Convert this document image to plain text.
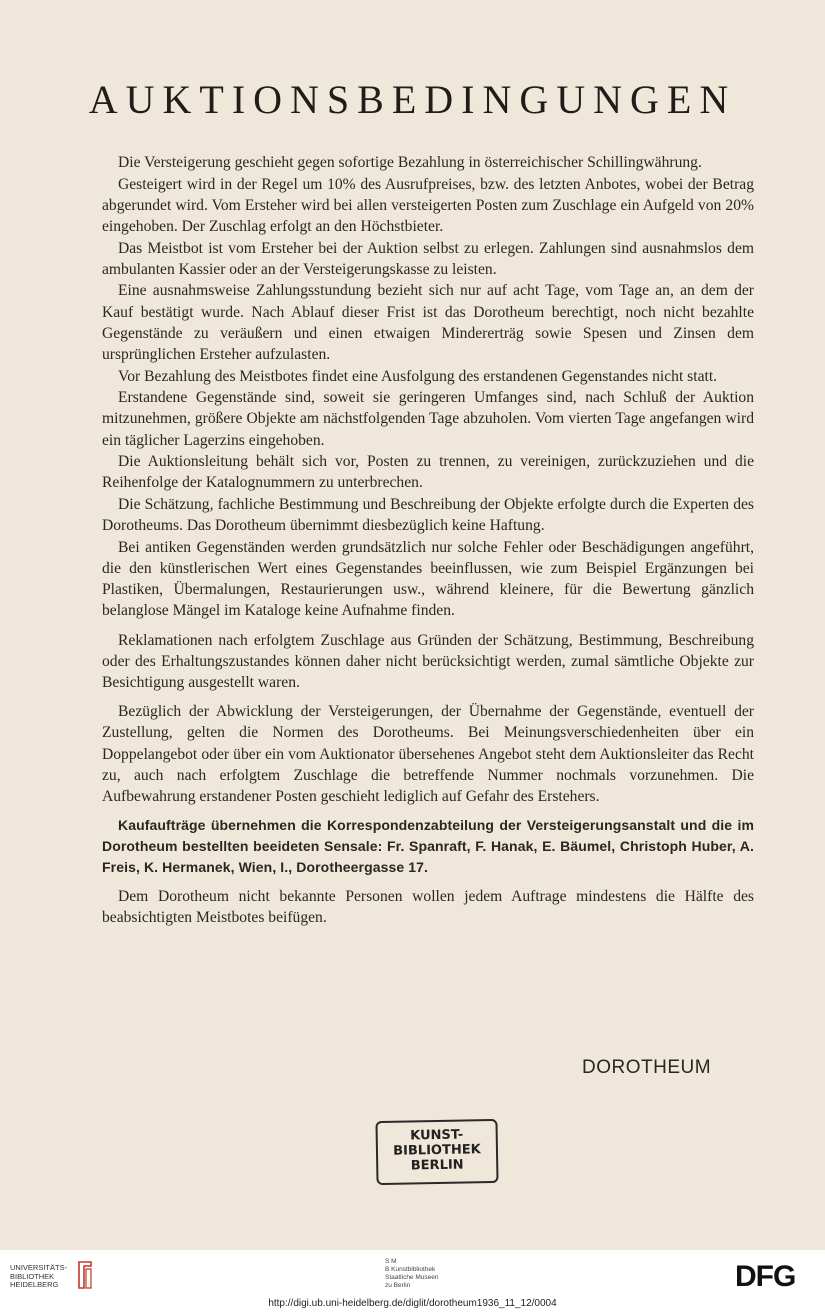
AUKTIONSBEDINGUNGEN

Die Versteigerung geschieht gegen sofortige Bezahlung in österreichischer Schillingwährung.

Gesteigert wird in der Regel um 10% des Ausrufpreises, bzw. des letzten Anbotes, wobei der Betrag abgerundet wird. Vom Ersteher wird bei allen versteigerten Posten zum Zuschlage ein Aufgeld von 20% eingehoben. Der Zuschlag erfolgt an den Höchstbieter.

Das Meistbot ist vom Ersteher bei der Auktion selbst zu erlegen. Zahlungen sind ausnahmslos dem ambulanten Kassier oder an der Versteigerungskasse zu leisten.

Eine ausnahmsweise Zahlungsstundung bezieht sich nur auf acht Tage, vom Tage an, an dem der Kauf bestätigt wurde. Nach Ablauf dieser Frist ist das Dorotheum berechtigt, noch nicht bezahlte Gegenstände zu veräußern und einen etwaigen Mindererträg sowie Spesen und Zinsen dem ursprünglichen Ersteher aufzulasten.

Vor Bezahlung des Meistbotes findet eine Ausfolgung des erstandenen Gegenstandes nicht statt.

Erstandene Gegenstände sind, soweit sie geringeren Umfanges sind, nach Schluß der Auktion mitzunehmen, größere Objekte am nächstfolgenden Tage abzuholen. Vom vierten Tage angefangen wird ein täglicher Lagerzins eingehoben.

Die Auktionsleitung behält sich vor, Posten zu trennen, zu vereinigen, zurückzuziehen und die Reihenfolge der Katalognummern zu unterbrechen.

Die Schätzung, fachliche Bestimmung und Beschreibung der Objekte erfolgte durch die Experten des Dorotheums. Das Dorotheum übernimmt diesbezüglich keine Haftung.

Bei antiken Gegenständen werden grundsätzlich nur solche Fehler oder Beschädigungen angeführt, die den künstlerischen Wert eines Gegenstandes beeinflussen, wie zum Beispiel Ergänzungen bei Plastiken, Übermalungen, Restaurierungen usw., während kleinere, für die Bewertung gänzlich belanglose Mängel im Kataloge keine Aufnahme finden.

Reklamationen nach erfolgtem Zuschlage aus Gründen der Schätzung, Bestimmung, Beschreibung oder des Erhaltungszustandes können daher nicht berücksichtigt werden, zumal sämtliche Objekte zur Besichtigung ausgestellt waren.

Bezüglich der Abwicklung der Versteigerungen, der Übernahme der Gegenstände, eventuell der Zustellung, gelten die Normen des Dorotheums. Bei Meinungsverschiedenheiten über ein Doppelangebot oder über ein vom Auktionator übersehenes Angebot steht dem Auktionsleiter das Recht zu, auch nach erfolgtem Zuschlage die betreffende Nummer nochmals vorzunehmen. Die Aufbewahrung erstandener Posten geschieht lediglich auf Gefahr des Erstehers.

Kaufaufträge übernehmen die Korrespondenzabteilung der Versteigerungsanstalt und die im Dorotheum bestellten beeideten Sensale: Fr. Spanraft, F. Hanak, E. Bäumel, Christoph Huber, A. Freis, K. Hermanek, Wien, I., Dorotheergasse 17.

Dem Dorotheum nicht bekannte Personen wollen jedem Auftrage mindestens die Hälfte des beabsichtigten Meistbotes beifügen.

DOROTHEUM
KUNST-
BIBLIOTHEK
BERLIN
UNIVERSITÄTS-
BIBLIOTHEK
HEIDELBERG
S M
B Kunstbibliothek
Staatliche Museen
zu Berlin	DFG
http://digi.ub.uni-heidelberg.de/diglit/dorotheum1936_11_12/0004
